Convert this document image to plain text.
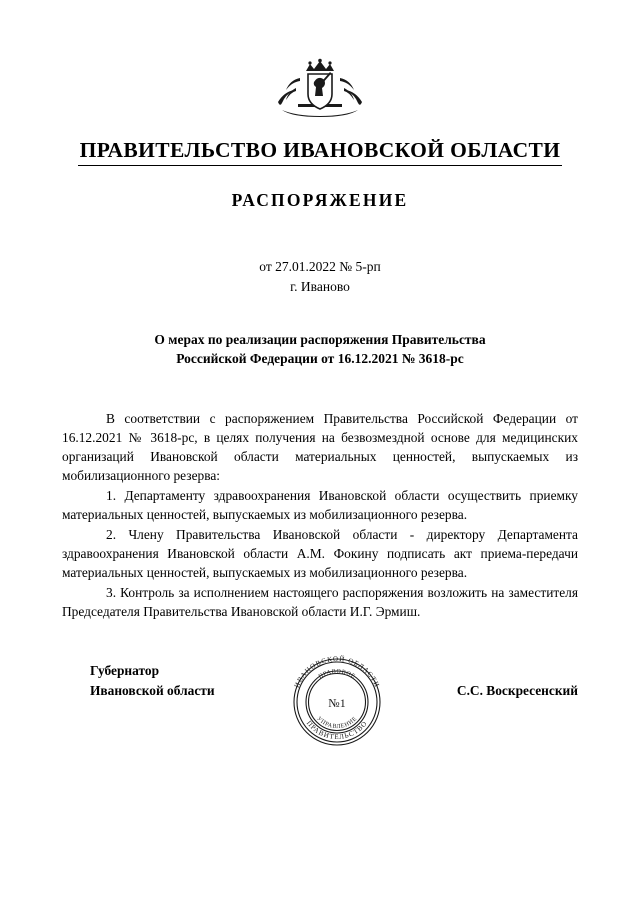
ПРАВИТЕЛЬСТВО ИВАНОВСКОЙ ОБЛАСТИ
РАСПОРЯЖЕНИЕ
от 27.01.2022 № 5-рп
г. Иваново
О мерах по реализации распоряжения Правительства
Российской Федерации от 16.12.2021 № 3618-рс

В соответствии с распоряжением Правительства Российской Федерации от 16.12.2021 № 3618-рс, в целях получения на безвозмездной основе для медицинских организаций Ивановской области материальных ценностей, выпускаемых из мобилизационного резерва:

1. Департаменту здравоохранения Ивановской области осуществить приемку материальных ценностей, выпускаемых из мобилизационного резерва.

2. Члену Правительства Ивановской области - директору Департамента здравоохранения Ивановской области А.М. Фокину подписать акт приема-передачи материальных ценностей, выпускаемых из мобилизационного резерва.

3. Контроль за исполнением настоящего распоряжения возложить на заместителя Председателя Правительства Ивановской области И.Г. Эрмиш.

Губернатор
Ивановской области	ИВАНОВСКОЙ ОБЛАСТИ
ПРАВИТЕЛЬСТВО
ПРАВОВОЕ
УПРАВЛЕНИЕ
№1
С.С. Воскресенский
